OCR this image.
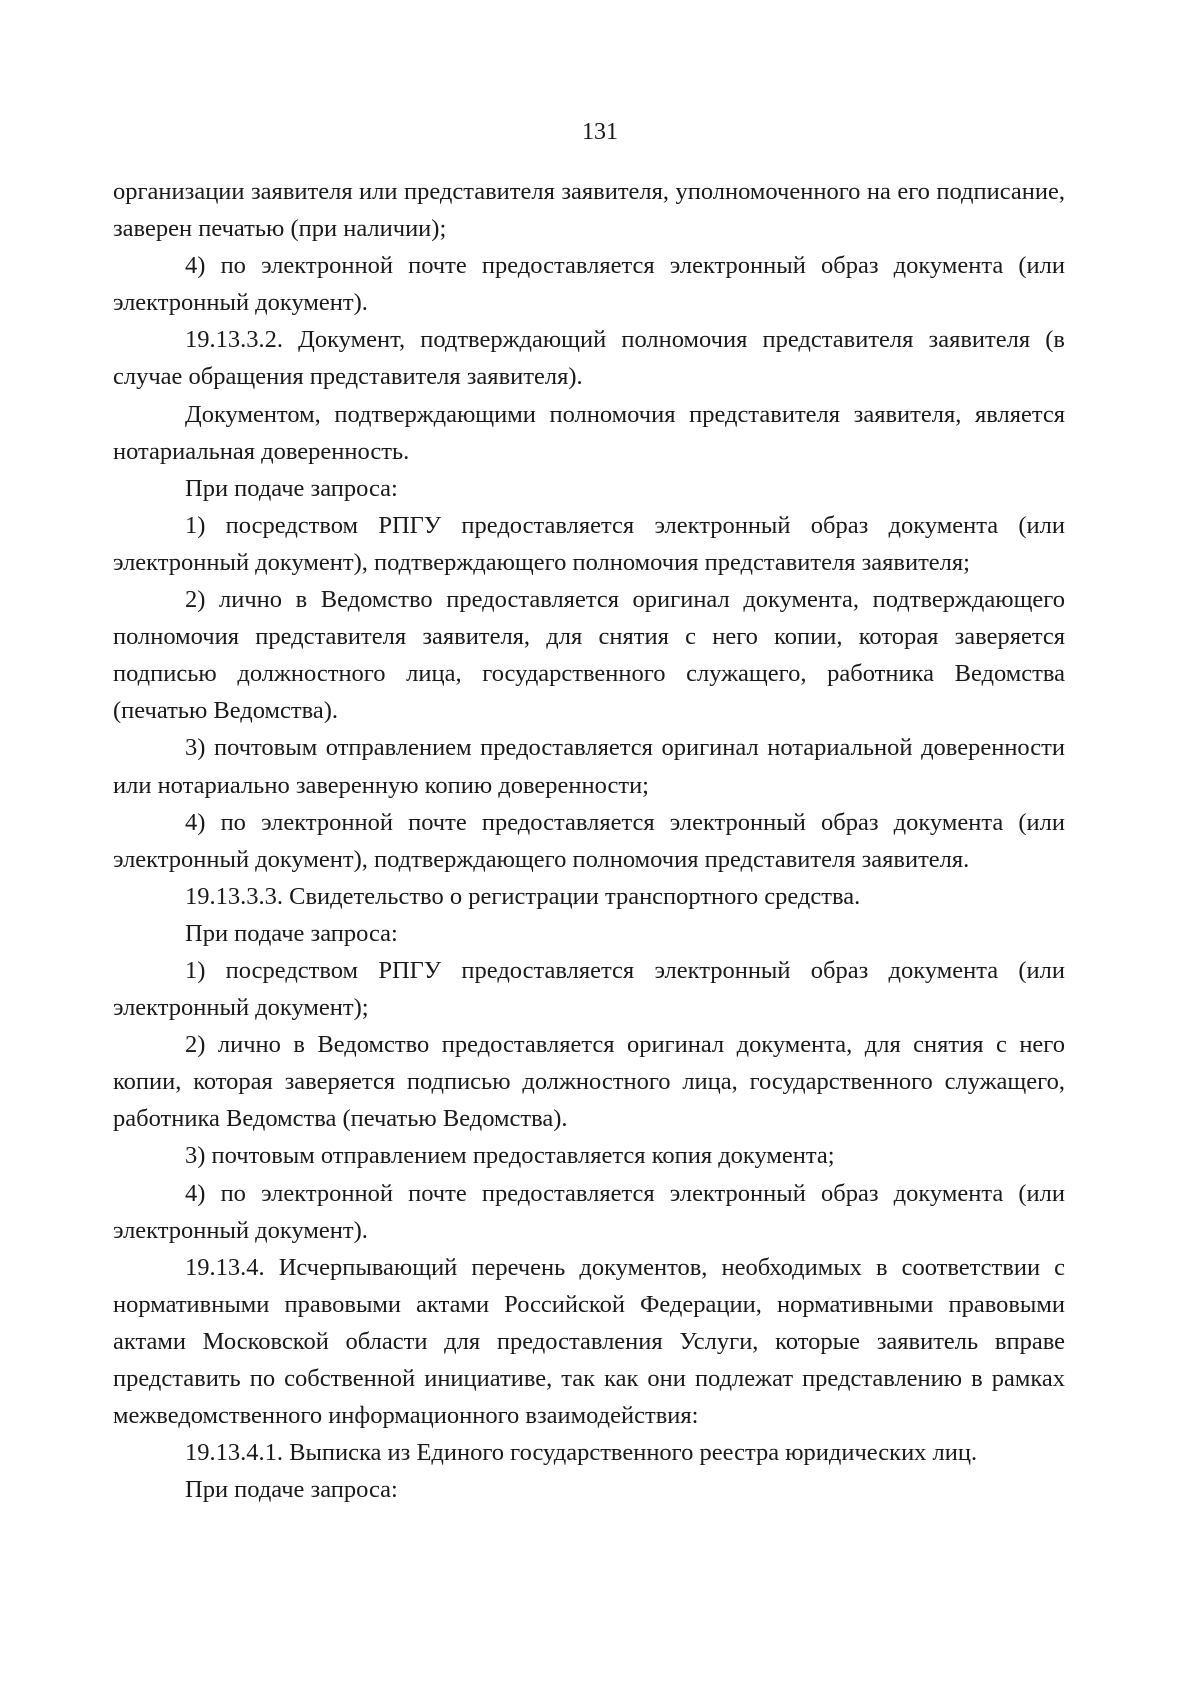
131

организации заявителя или представителя заявителя, уполномоченного на его подписание, заверен печатью (при наличии);

4) по электронной почте предоставляется электронный образ документа (или электронный документ).

19.13.3.2. Документ, подтверждающий полномочия представителя заявителя (в случае обращения представителя заявителя).

Документом, подтверждающими полномочия представителя заявителя, является нотариальная доверенность.

При подаче запроса:

1) посредством РПГУ предоставляется электронный образ документа (или электронный документ), подтверждающего полномочия представителя заявителя;

2) лично в Ведомство предоставляется оригинал документа, подтверждающего полномочия представителя заявителя, для снятия с него копии, которая заверяется подписью должностного лица, государственного служащего, работника Ведомства (печатью Ведомства).

3) почтовым отправлением предоставляется оригинал нотариальной доверенности или нотариально заверенную копию доверенности;

4) по электронной почте предоставляется электронный образ документа (или электронный документ), подтверждающего полномочия представителя заявителя.

19.13.3.3. Свидетельство о регистрации транспортного средства.

При подаче запроса:

1) посредством РПГУ предоставляется электронный образ документа (или электронный документ);

2) лично в Ведомство предоставляется оригинал документа, для снятия с него копии, которая заверяется подписью должностного лица, государственного служащего, работника Ведомства (печатью Ведомства).

3) почтовым отправлением предоставляется копия документа;

4) по электронной почте предоставляется электронный образ документа (или электронный документ).

19.13.4. Исчерпывающий перечень документов, необходимых в соответствии с нормативными правовыми актами Российской Федерации, нормативными правовыми актами Московской области для предоставления Услуги, которые заявитель вправе представить по собственной инициативе, так как они подлежат представлению в рамках межведомственного информационного взаимодействия:

19.13.4.1. Выписка из Единого государственного реестра юридических лиц.

При подаче запроса:
